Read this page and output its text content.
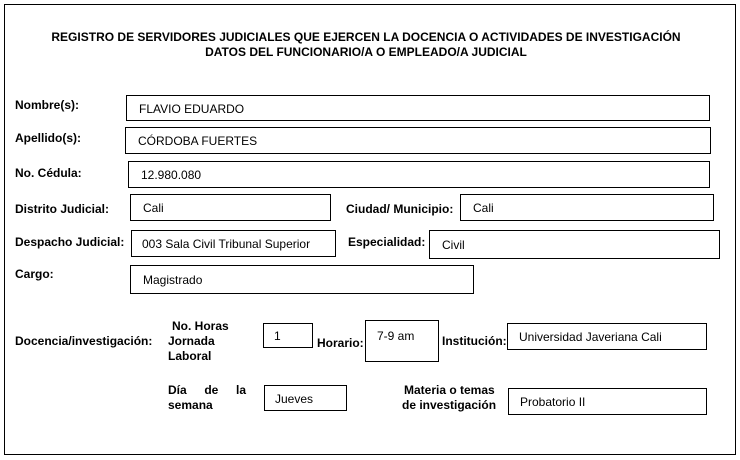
REGISTRO DE SERVIDORES JUDICIALES QUE EJERCEN LA DOCENCIA O ACTIVIDADES DE INVESTIGACIÓN
DATOS DEL FUNCIONARIO/A O EMPLEADO/A JUDICIAL
Nombre(s):	FLAVIO EDUARDO
Apellido(s):	CÓRDOBA FUERTES
No. Cédula:	12.980.080
Distrito Judicial:	Cali	Ciudad/ Municipio:	Cali
Despacho Judicial:	003 Sala Civil Tribunal Superior	Especialidad:	Civil
Cargo:	Magistrado
Docencia/investigación:
No. Horas
Jornada
Laboral
1	Horario:	7-9 am	Institución:	Universidad Javeriana Cali
Día de la
semana	Jueves
Materia o temas
de investigación	Probatorio II
